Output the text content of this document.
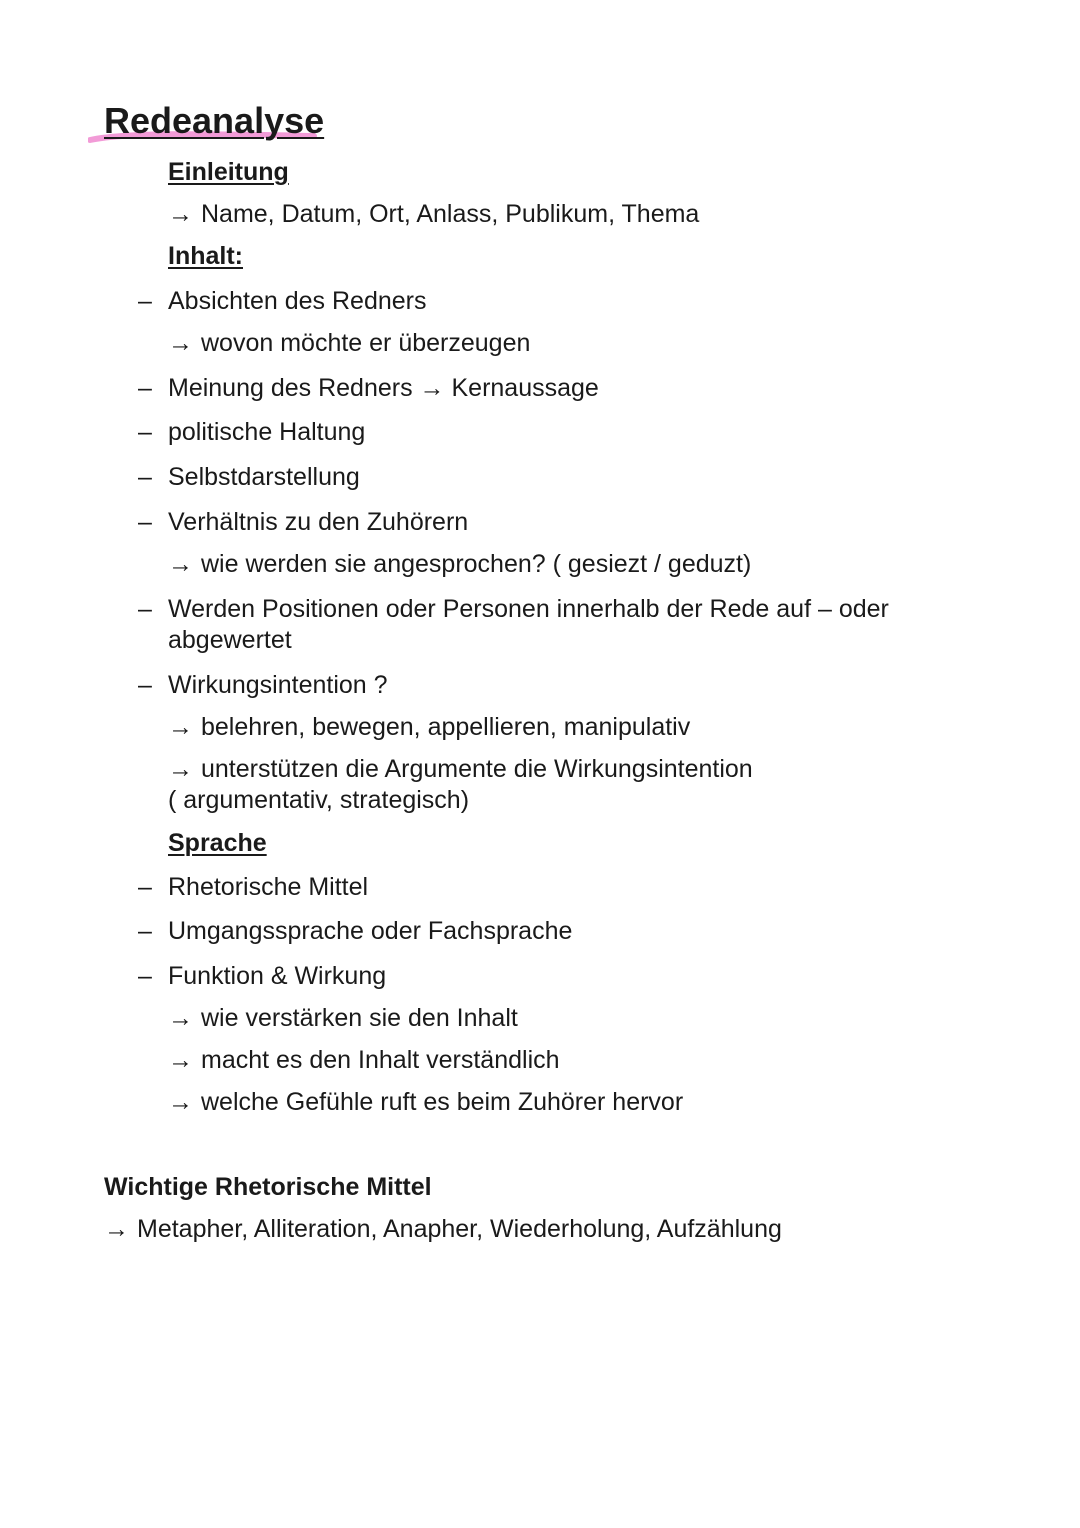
Redeanalyse
Einleitung
→ Name, Datum, Ort, Anlass, Publikum, Thema
Inhalt:
– Absichten des Redners
→ wovon möchte er überzeugen
– Meinung des Redners → Kernaussage
– politische Haltung
– Selbstdarstellung
– Verhältnis zu den Zuhörern
→ wie werden sie angesprochen? ( gesiezt / geduzt)
– Werden Positionen oder Personen innerhalb der Rede auf – oder
abgewertet
– Wirkungsintention ?
→ belehren, bewegen, appellieren, manipulativ
→ unterstützen die Argumente die Wirkungsintention
( argumentativ, strategisch)
Sprache
– Rhetorische Mittel
– Umgangssprache oder Fachsprache
– Funktion & Wirkung
→ wie verstärken sie den Inhalt
→ macht es den Inhalt verständlich
→ welche Gefühle ruft es beim Zuhörer hervor
Wichtige Rhetorische Mittel
→ Metapher, Alliteration, Anapher, Wiederholung, Aufzählung
